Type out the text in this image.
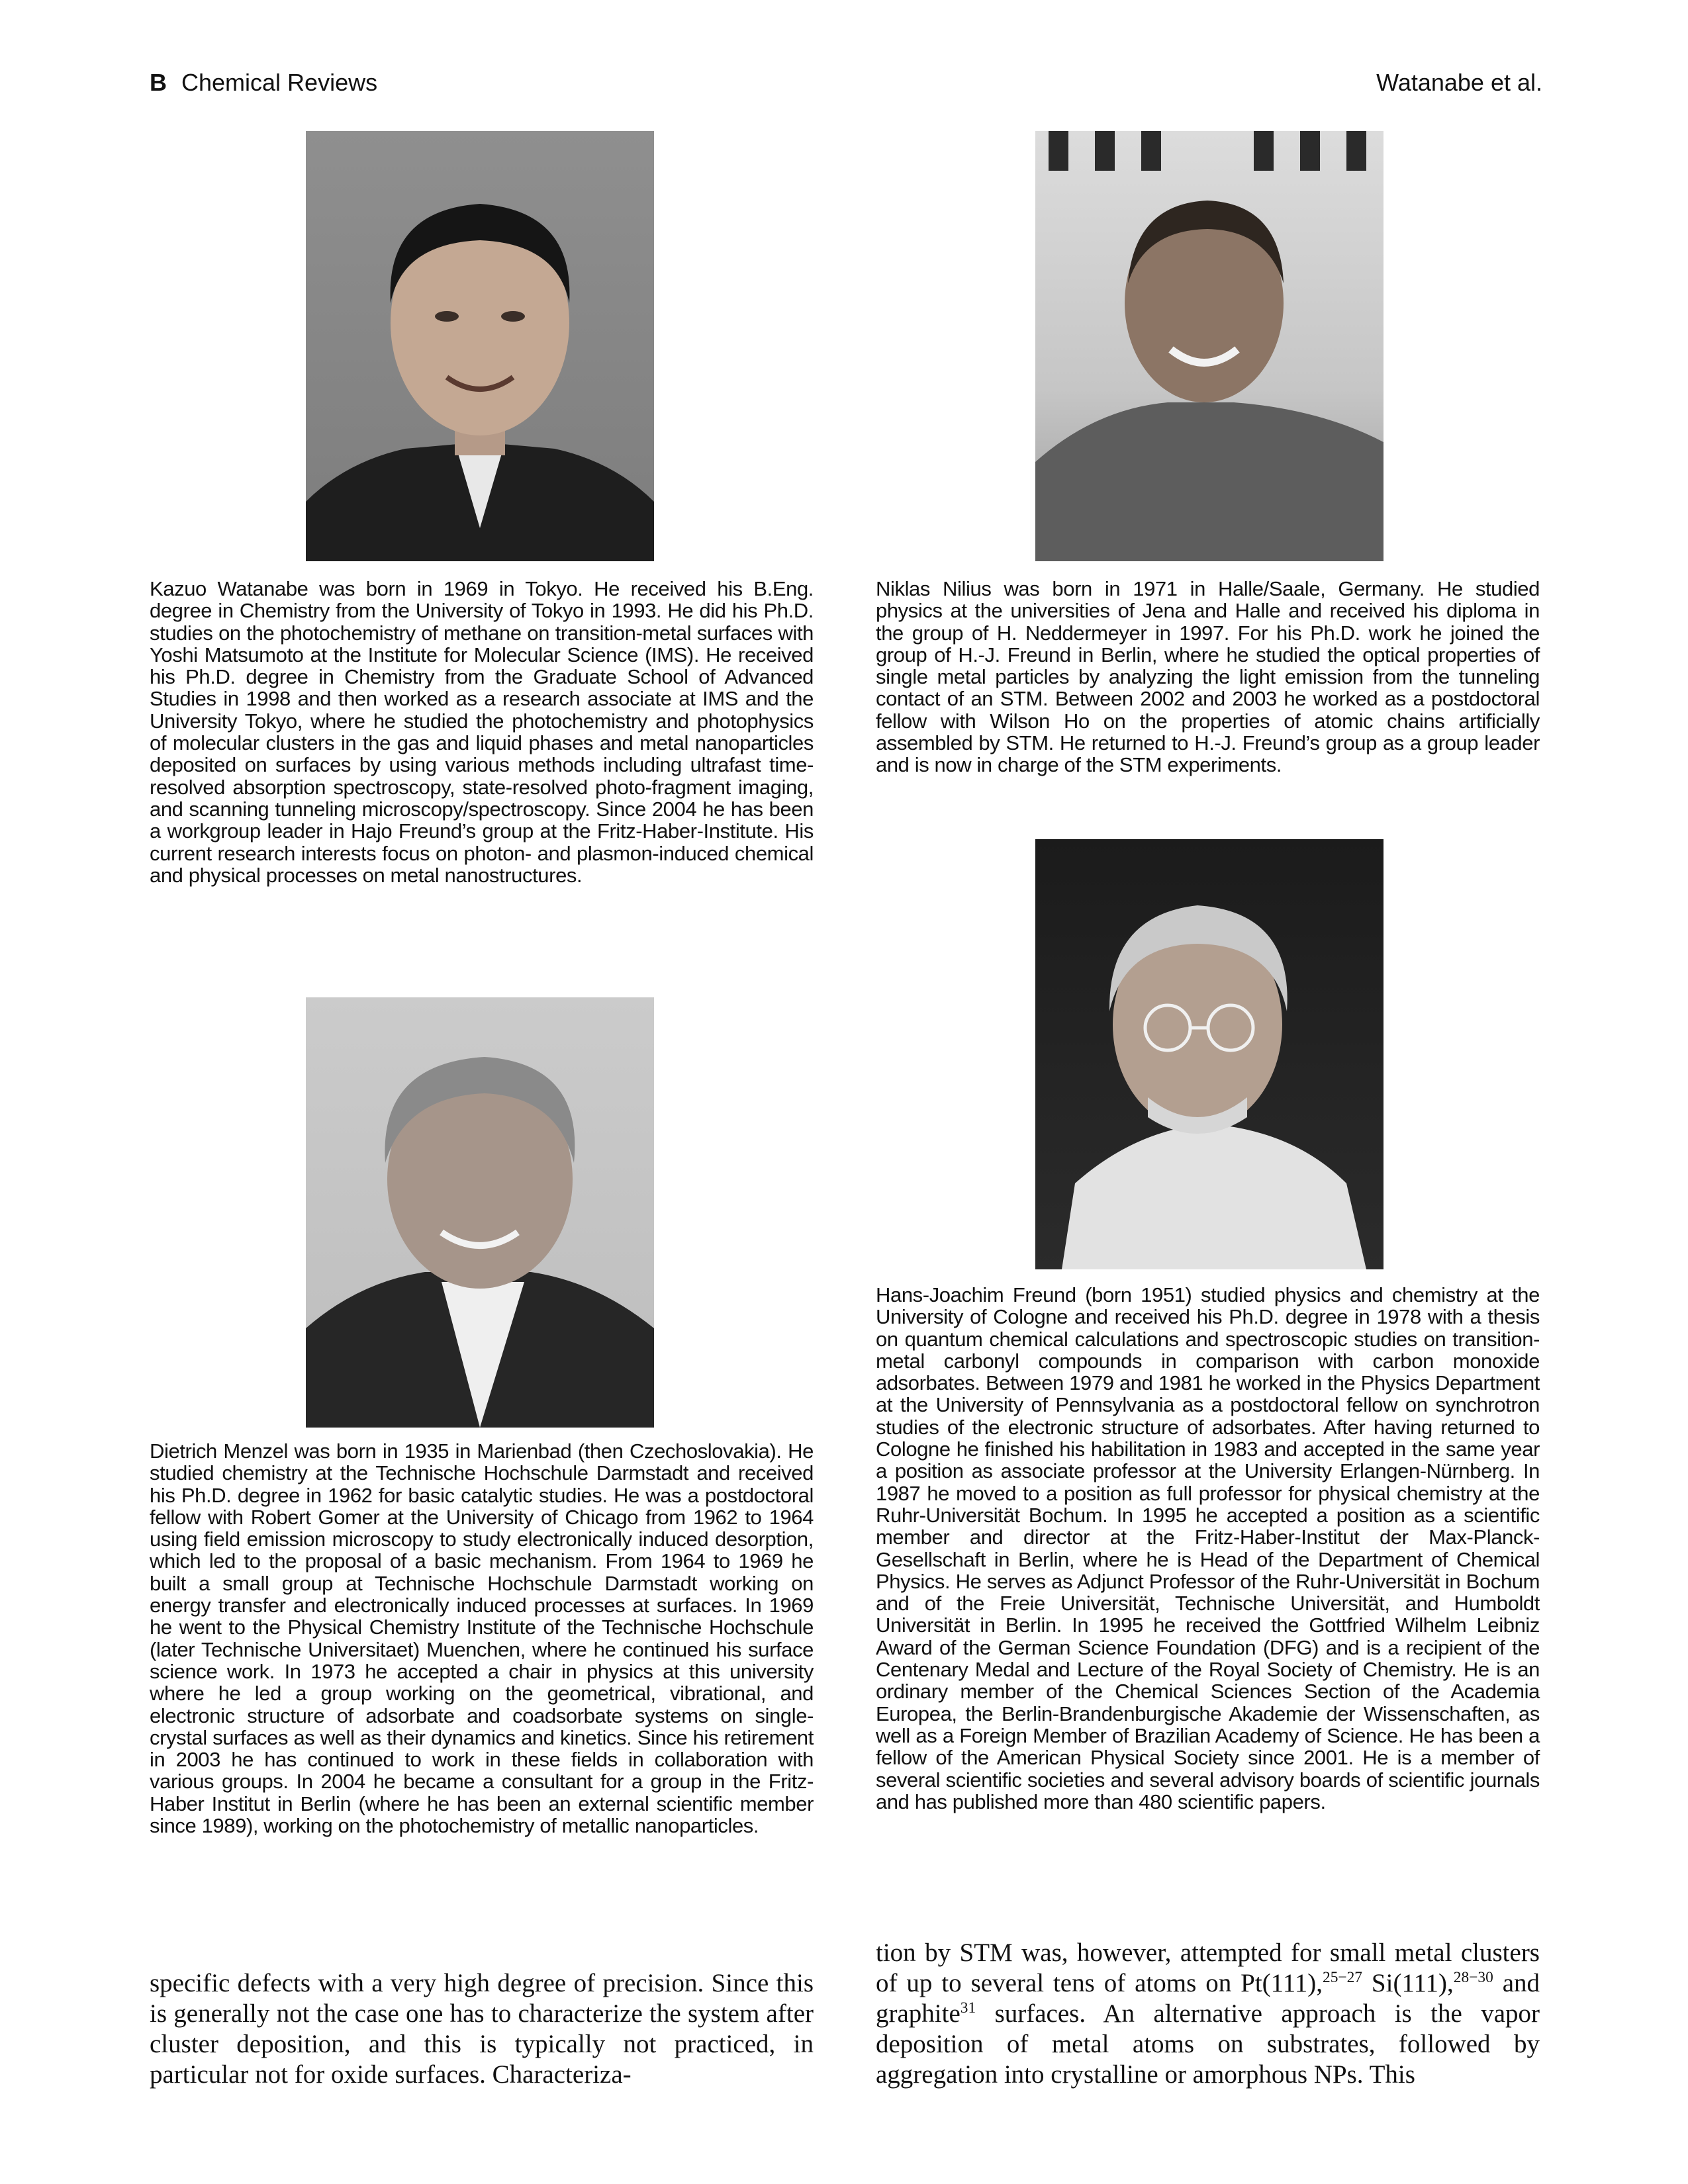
B Chemical Reviews	Watanabe et al.

Kazuo Watanabe was born in 1969 in Tokyo. He received his B.Eng. degree in Chemistry from the University of Tokyo in 1993. He did his Ph.D. studies on the photochemistry of methane on transition-metal surfaces with Yoshi Matsumoto at the Institute for Molecular Science (IMS). He received his Ph.D. degree in Chemistry from the Graduate School of Advanced Studies in 1998 and then worked as a research associate at IMS and the University Tokyo, where he studied the photochemistry and photophysics of molecular clusters in the gas and liquid phases and metal nanoparticles deposited on surfaces by using various methods including ultrafast time-resolved absorption spectroscopy, state-resolved photo-fragment imaging, and scanning tunneling microscopy/spectroscopy. Since 2004 he has been a workgroup leader in Hajo Freund’s group at the Fritz-Haber-Institute. His current research interests focus on photon- and plasmon-induced chemical and physical processes on metal nanostructures.

Niklas Nilius was born in 1971 in Halle/Saale, Germany. He studied physics at the universities of Jena and Halle and received his diploma in the group of H. Neddermeyer in 1997. For his Ph.D. work he joined the group of H.-J. Freund in Berlin, where he studied the optical properties of single metal particles by analyzing the light emission from the tunneling contact of an STM. Between 2002 and 2003 he worked as a postdoctoral fellow with Wilson Ho on the properties of atomic chains artificially assembled by STM. He returned to H.-J. Freund’s group as a group leader and is now in charge of the STM experiments.

Hans-Joachim Freund (born 1951) studied physics and chemistry at the University of Cologne and received his Ph.D. degree in 1978 with a thesis on quantum chemical calculations and spectroscopic studies on transition-metal carbonyl compounds in comparison with carbon monoxide adsorbates. Between 1979 and 1981 he worked in the Physics Department at the University of Pennsylvania as a postdoctoral fellow on synchrotron studies of the electronic structure of adsorbates. After having returned to Cologne he finished his habilitation in 1983 and accepted in the same year a position as associate professor at the University Erlangen-Nürnberg. In 1987 he moved to a position as full professor for physical chemistry at the Ruhr-Universität Bochum. In 1995 he accepted a position as a scientific member and director at the Fritz-Haber-Institut der Max-Planck-Gesellschaft in Berlin, where he is Head of the Department of Chemical Physics. He serves as Adjunct Professor of the Ruhr-Universität in Bochum and of the Freie Universität, Technische Universität, and Humboldt Universität in Berlin. In 1995 he received the Gottfried Wilhelm Leibniz Award of the German Science Foundation (DFG) and is a recipient of the Centenary Medal and Lecture of the Royal Society of Chemistry. He is an ordinary member of the Chemical Sciences Section of the Academia Europea, the Berlin-Brandenburgische Akademie der Wissenschaften, as well as a Foreign Member of Brazilian Academy of Science. He has been a fellow of the American Physical Society since 2001. He is a member of several scientific societies and several advisory boards of scientific journals and has published more than 480 scientific papers.

Dietrich Menzel was born in 1935 in Marienbad (then Czechoslovakia). He studied chemistry at the Technische Hochschule Darmstadt and received his Ph.D. degree in 1962 for basic catalytic studies. He was a postdoctoral fellow with Robert Gomer at the University of Chicago from 1962 to 1964 using field emission microscopy to study electronically induced desorption, which led to the proposal of a basic mechanism. From 1964 to 1969 he built a small group at Technische Hochschule Darmstadt working on energy transfer and electronically induced processes at surfaces. In 1969 he went to the Physical Chemistry Institute of the Technische Hochschule (later Technische Universitaet) Muenchen, where he continued his surface science work. In 1973 he accepted a chair in physics at this university where he led a group working on the geometrical, vibrational, and electronic structure of adsorbate and coadsorbate systems on single-crystal surfaces as well as their dynamics and kinetics. Since his retirement in 2003 he has continued to work in these fields in collaboration with various groups. In 2004 he became a consultant for a group in the Fritz-Haber Institut in Berlin (where he has been an external scientific member since 1989), working on the photochemistry of metallic nanoparticles.

specific defects with a very high degree of precision. Since this is generally not the case one has to characterize the system after cluster deposition, and this is typically not practiced, in particular not for oxide surfaces. Characteriza-

tion by STM was, however, attempted for small metal clusters of up to several tens of atoms on Pt(111),$^{25-27}$ Si(111),$^{28-30}$ and graphite$^{31}$ surfaces. An alternative approach is the vapor deposition of metal atoms on substrates, followed by aggregation into crystalline or amorphous NPs. This
